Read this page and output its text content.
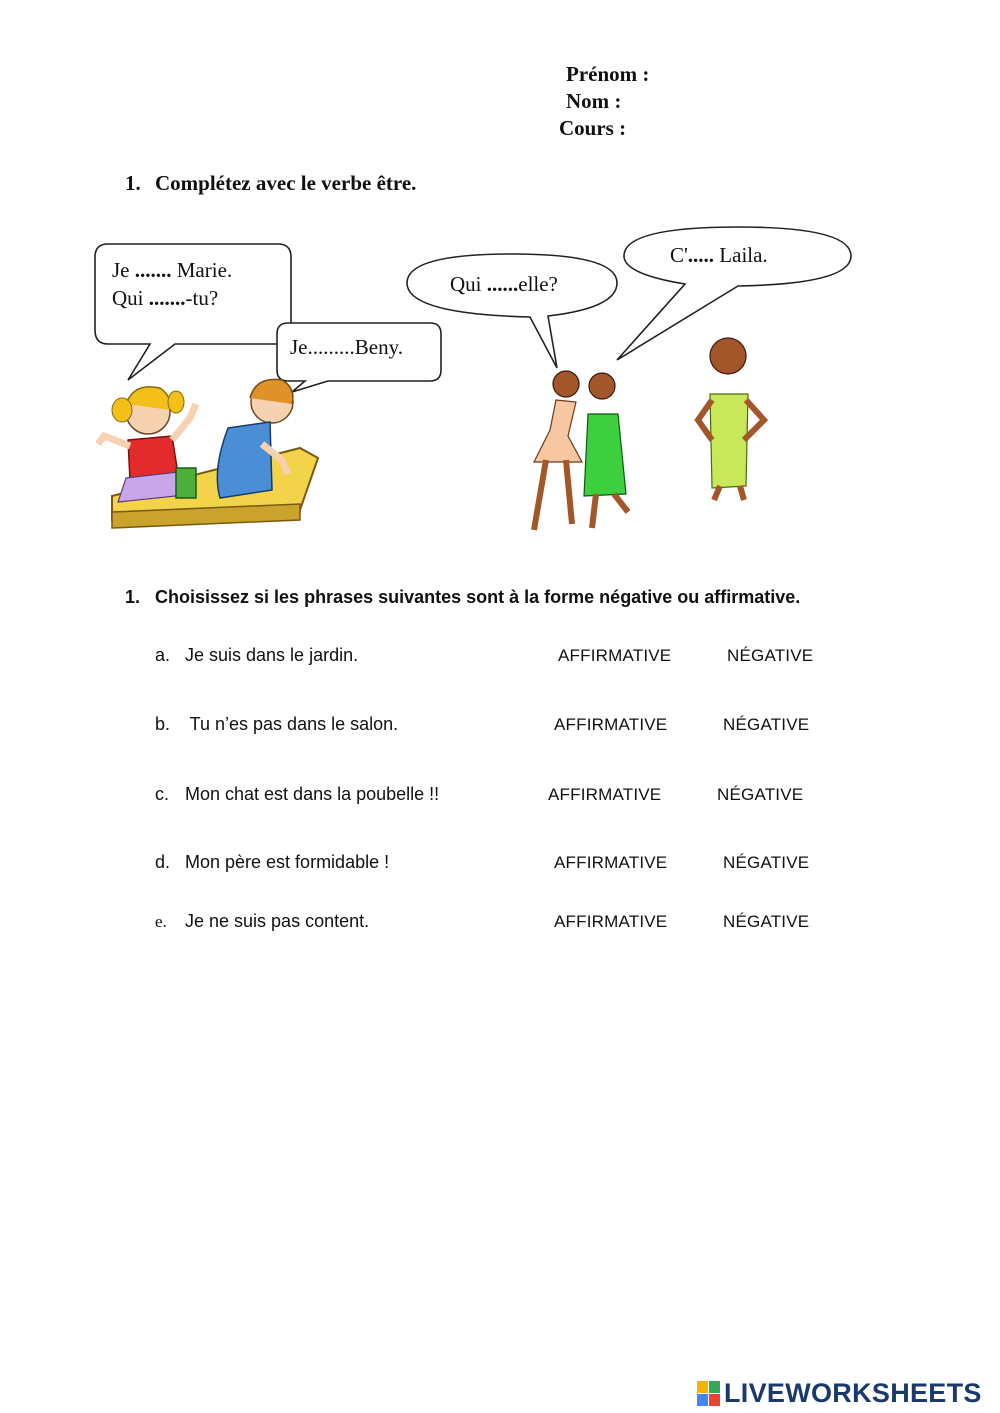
Prénom :
Nom :
Cours :
1. Complétez avec le verbe être.
Je ....... Marie.
Qui .......-tu?
Je.........Beny.
Qui ......elle?
C'..... Laila.
1. Choisissez si les phrases suivantes sont à la forme négative ou affirmative.
a. Je suis dans le jardin.	AFFIRMATIVE	NÉGATIVE
b. Tu n’es pas dans le salon.	AFFIRMATIVE	NÉGATIVE
c. Mon chat est dans la poubelle !!	AFFIRMATIVE	NÉGATIVE
d. Mon père est formidable !	AFFIRMATIVE	NÉGATIVE
e. Je ne suis pas content.	AFFIRMATIVE	NÉGATIVE
LIVEWORKSHEETS
